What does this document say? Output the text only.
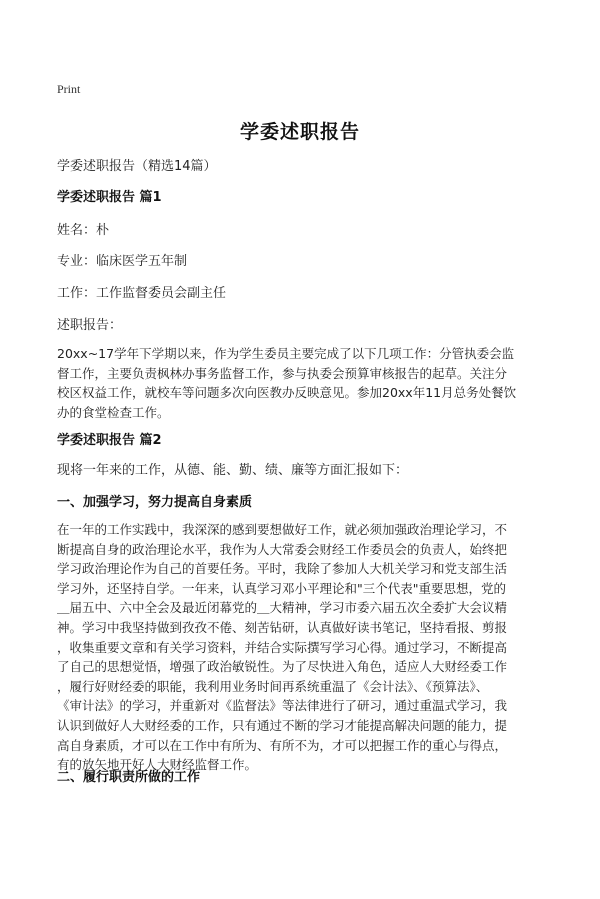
Print
学委述职报告
学委述职报告（精选14篇）
学委述职报告 篇1
姓名：朴
专业：临床医学五年制
工作：工作监督委员会副主任
述职报告：
20xx~17学年下学期以来，作为学生委员主要完成了以下几项工作：分管执委会监
督工作，主要负责枫林办事务监督工作，参与执委会预算审核报告的起草。关注分
校区权益工作，就校车等问题多次向医教办反映意见。参加20xx年11月总务处餐饮
办的食堂检查工作。
学委述职报告 篇2
现将一年来的工作，从德、能、勤、绩、廉等方面汇报如下：
一、加强学习，努力提高自身素质
在一年的工作实践中，我深深的感到要想做好工作，就必须加强政治理论学习，不
断提高自身的政治理论水平，我作为人大常委会财经工作委员会的负责人，始终把
学习政治理论作为自己的首要任务。平时，我除了参加人大机关学习和党支部生活
学习外，还坚持自学。一年来，认真学习邓小平理论和"三个代表"重要思想，党的
＿届五中、六中全会及最近闭幕党的＿大精神，学习市委六届五次全委扩大会议精
神。学习中我坚持做到孜孜不倦、刻苦钻研，认真做好读书笔记，坚持看报、剪报
，收集重要文章和有关学习资料，并结合实际撰写学习心得。通过学习，不断提高
了自己的思想觉悟，增强了政治敏锐性。为了尽快进入角色，适应人大财经委工作
，履行好财经委的职能，我利用业务时间再系统重温了《会计法》、《预算法》、
《审计法》的学习，并重新对《监督法》等法律进行了研习，通过重温式学习，我
认识到做好人大财经委的工作，只有通过不断的学习才能提高解决问题的能力，提
高自身素质，才可以在工作中有所为、有所不为，才可以把握工作的重心与得点，
有的放矢地开好人大财经监督工作。
二、履行职责所做的工作
